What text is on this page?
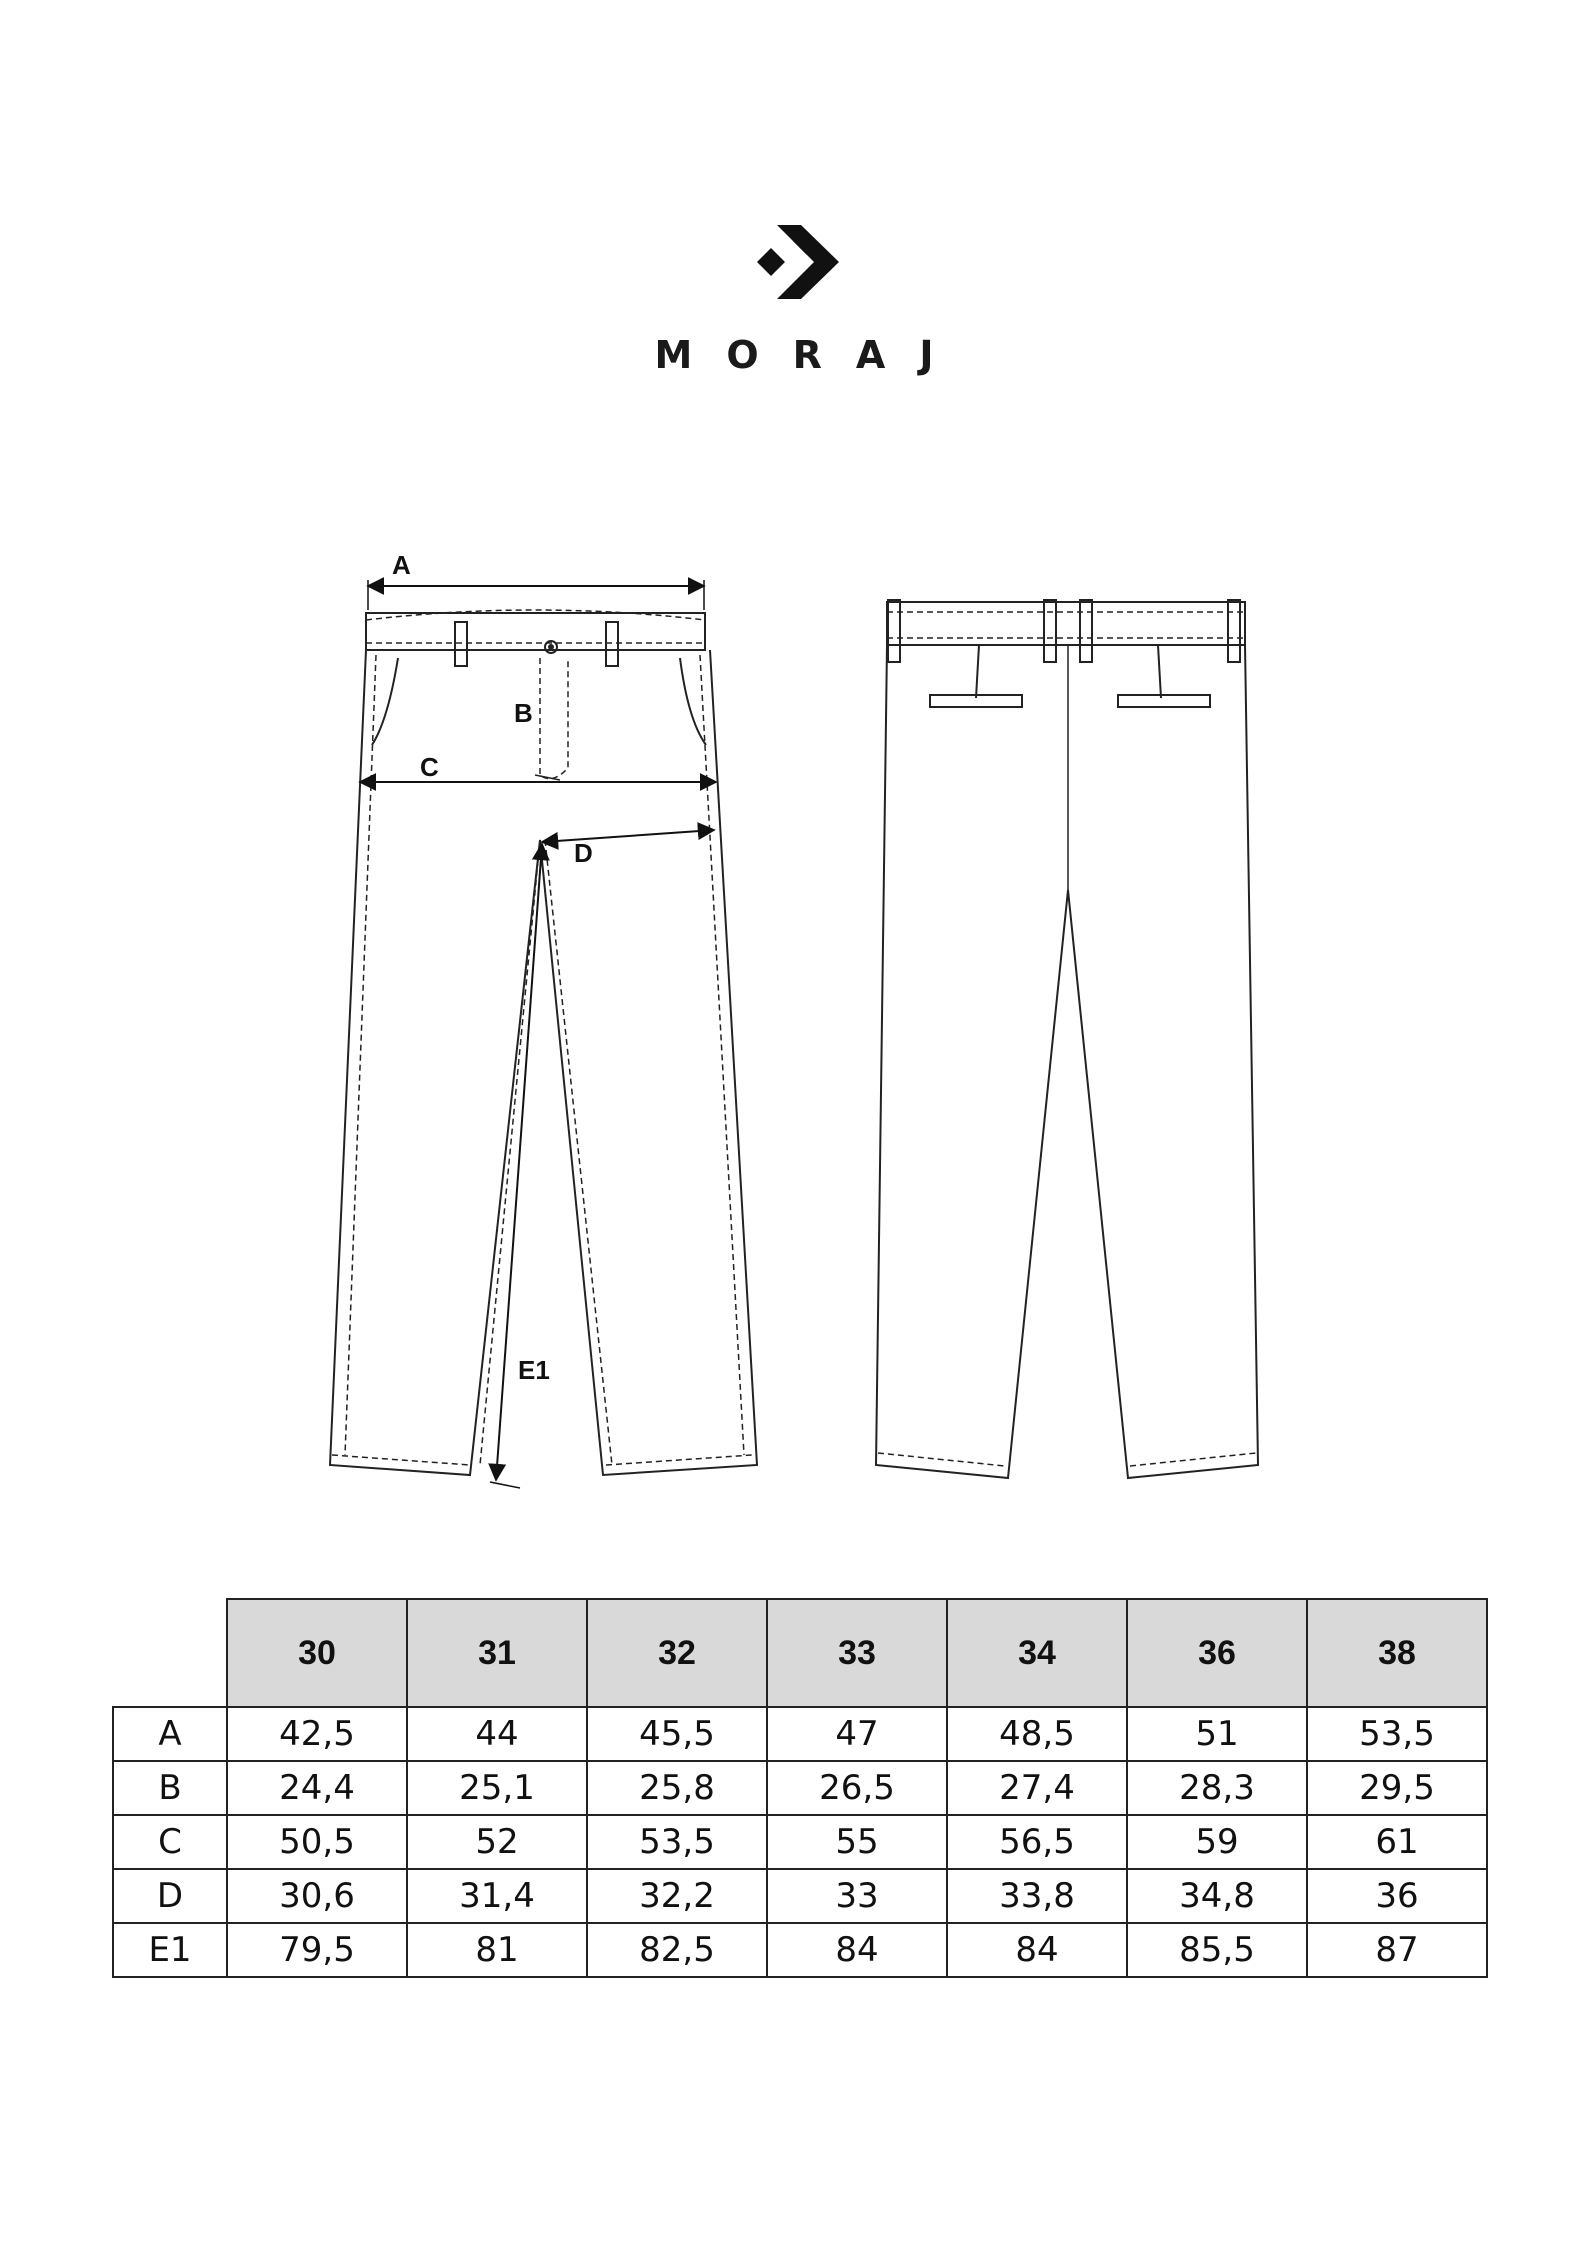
MORAJ
A
B
C
D
E1
	30	31	32	33	34	36	38
A	42,5	44	45,5	47	48,5	51	53,5
B	24,4	25,1	25,8	26,5	27,4	28,3	29,5
C	50,5	52	53,5	55	56,5	59	61
D	30,6	31,4	32,2	33	33,8	34,8	36
E1	79,5	81	82,5	84	84	85,5	87
